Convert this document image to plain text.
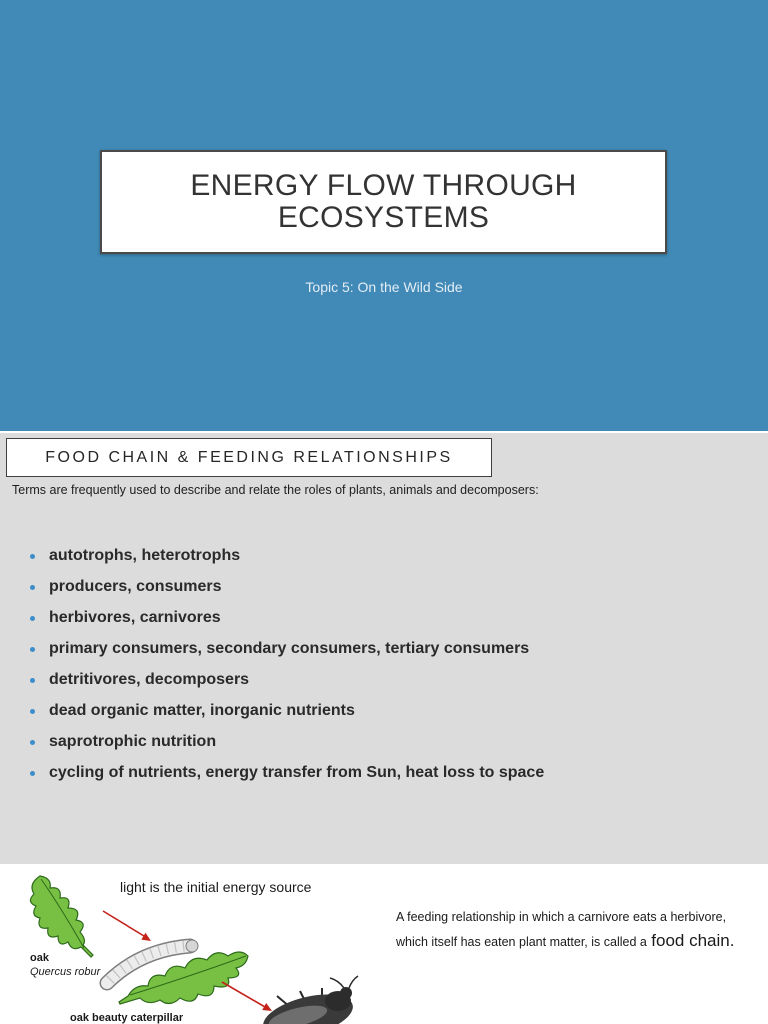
ENERGY FLOW THROUGH ECOSYSTEMS
Topic 5: On the Wild Side
FOOD CHAIN & FEEDING RELATIONSHIPS
Terms are frequently used to describe and relate the roles of plants, animals and decomposers:
autotrophs, heterotrophs
producers, consumers
herbivores, carnivores
primary consumers, secondary consumers, tertiary consumers
detritivores, decomposers
dead organic matter, inorganic nutrients
saprotrophic nutrition
cycling of nutrients, energy transfer from Sun, heat loss to space
light is the initial energy source
oak
Quercus robur
oak beauty caterpillar
A feeding relationship in which a carnivore eats a herbivore,
which itself has eaten plant matter, is called a food chain.
